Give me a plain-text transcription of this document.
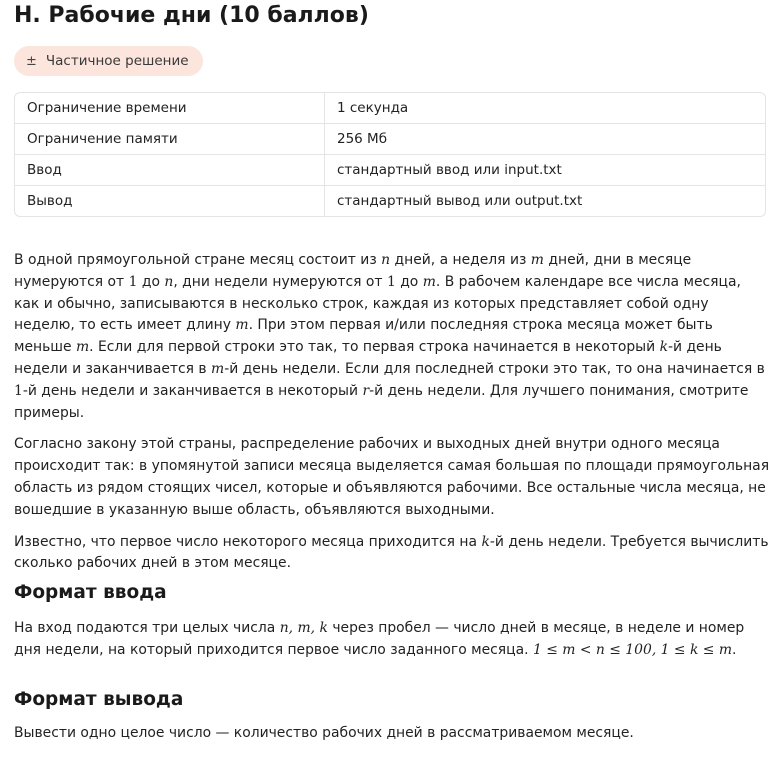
Н. Рабочие дни (10 баллов)
± Частичное решение
Ограничение времени	1 секунда
Ограничение памяти	256 Мб
Ввод	стандартный ввод или input.txt
Вывод	стандартный вывод или output.txt

В одной прямоугольной стране месяц состоит из n дней, а неделя из m дней, дни в месяце нумеруются от 1 до n, дни недели нумеруются от 1 до m. В рабочем календаре все числа месяца, как и обычно, записываются в несколько строк, каждая из которых представляет собой одну неделю, то есть имеет длину m. При этом первая и/или последняя строка месяца может быть меньше m. Если для первой строки это так, то первая строка начинается в некоторый k-й день недели и заканчивается в m-й день недели. Если для последней строки это так, то она начинается в 1-й день недели и заканчивается в некоторый r-й день недели. Для лучшего понимания, смотрите примеры.

Согласно закону этой страны, распределение рабочих и выходных дней внутри одного месяца происходит так: в упомянутой записи месяца выделяется самая большая по площади прямоугольная область из рядом стоящих чисел, которые и объявляются рабочими. Все остальные числа месяца, не вошедшие в указанную выше область, объявляются выходными.

Известно, что первое число некоторого месяца приходится на k-й день недели. Требуется вычислить сколько рабочих дней в этом месяце.

Формат ввода
На вход подаются три целых числа n, m, k через пробел — число дней в месяце, в неделе и номер дня недели, на который приходится первое число заданного месяца. 1 ≤ m < n ≤ 100, 1 ≤ k ≤ m.
Формат вывода
Вывести одно целое число — количество рабочих дней в рассматриваемом месяце.
